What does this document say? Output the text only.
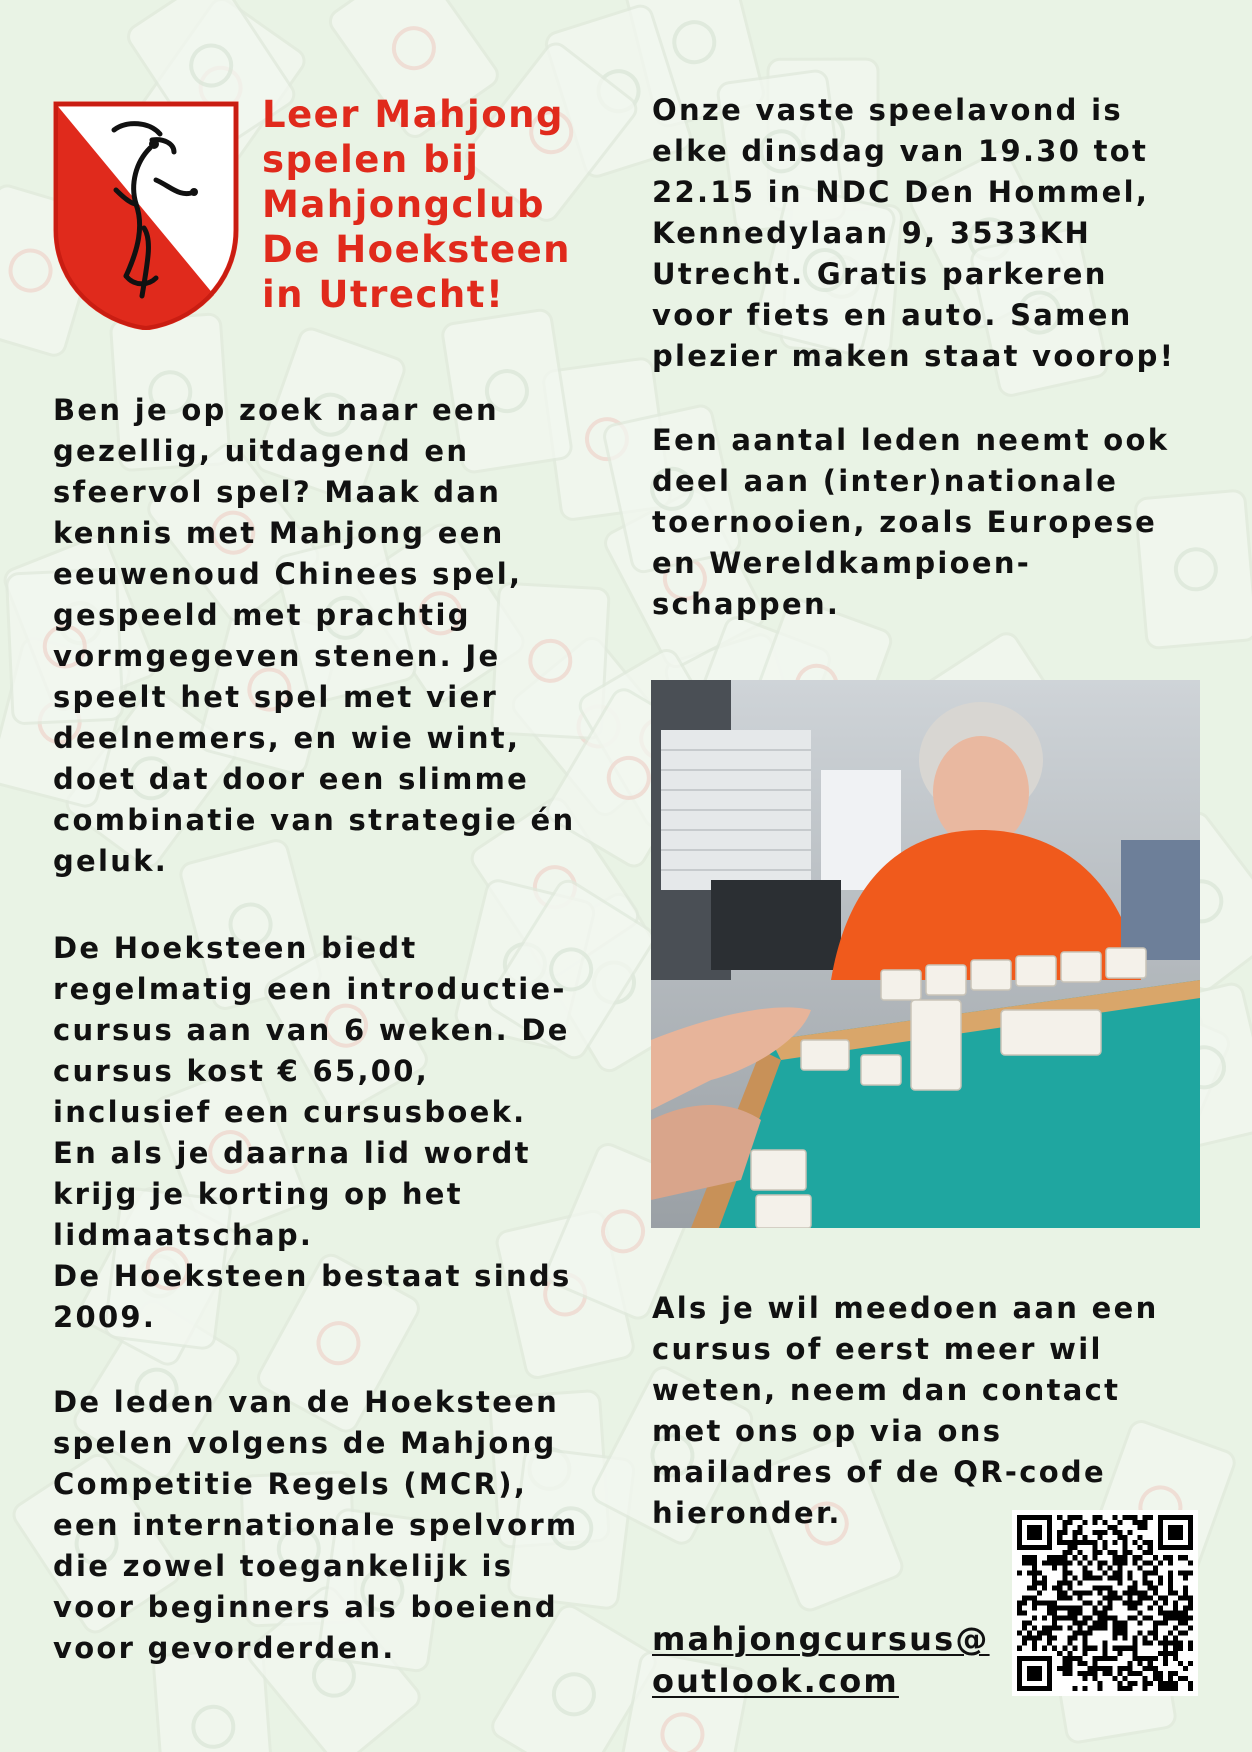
Leer Mahjong spelen bij Mahjongclub De Hoeksteen in Utrecht!

Ben je op zoek naar een
gezellig, uitdagend en
sfeervol spel? Maak dan
kennis met Mahjong een
eeuwenoud Chinees spel,
gespeeld met prachtig
vormgegeven stenen. Je
speelt het spel met vier
deelnemers, en wie wint,
doet dat door een slimme
combinatie van strategie én
geluk.

De Hoeksteen biedt
regelmatig een introductie-
cursus aan van 6 weken. De
cursus kost € 65,00,
inclusief een cursusboek.
En als je daarna lid wordt
krijg je korting op het
lidmaatschap.
De Hoeksteen bestaat sinds
2009.

De leden van de Hoeksteen
spelen volgens de Mahjong
Competitie Regels (MCR),
een internationale spelvorm
die zowel toegankelijk is
voor beginners als boeiend
voor gevorderden.

Onze vaste speelavond is
elke dinsdag van 19.30 tot
22.15 in NDC Den Hommel,
Kennedylaan 9, 3533KH
Utrecht. Gratis parkeren
voor fiets en auto. Samen
plezier maken staat voorop!

Een aantal leden neemt ook
deel aan (inter)nationale
toernooien, zoals Europese
en Wereldkampioen-
schappen.

Als je wil meedoen aan een
cursus of eerst meer wil
weten, neem dan contact
met ons op via ons
mailadres of de QR-code
hieronder.

mahjongcursus@
outlook.com
